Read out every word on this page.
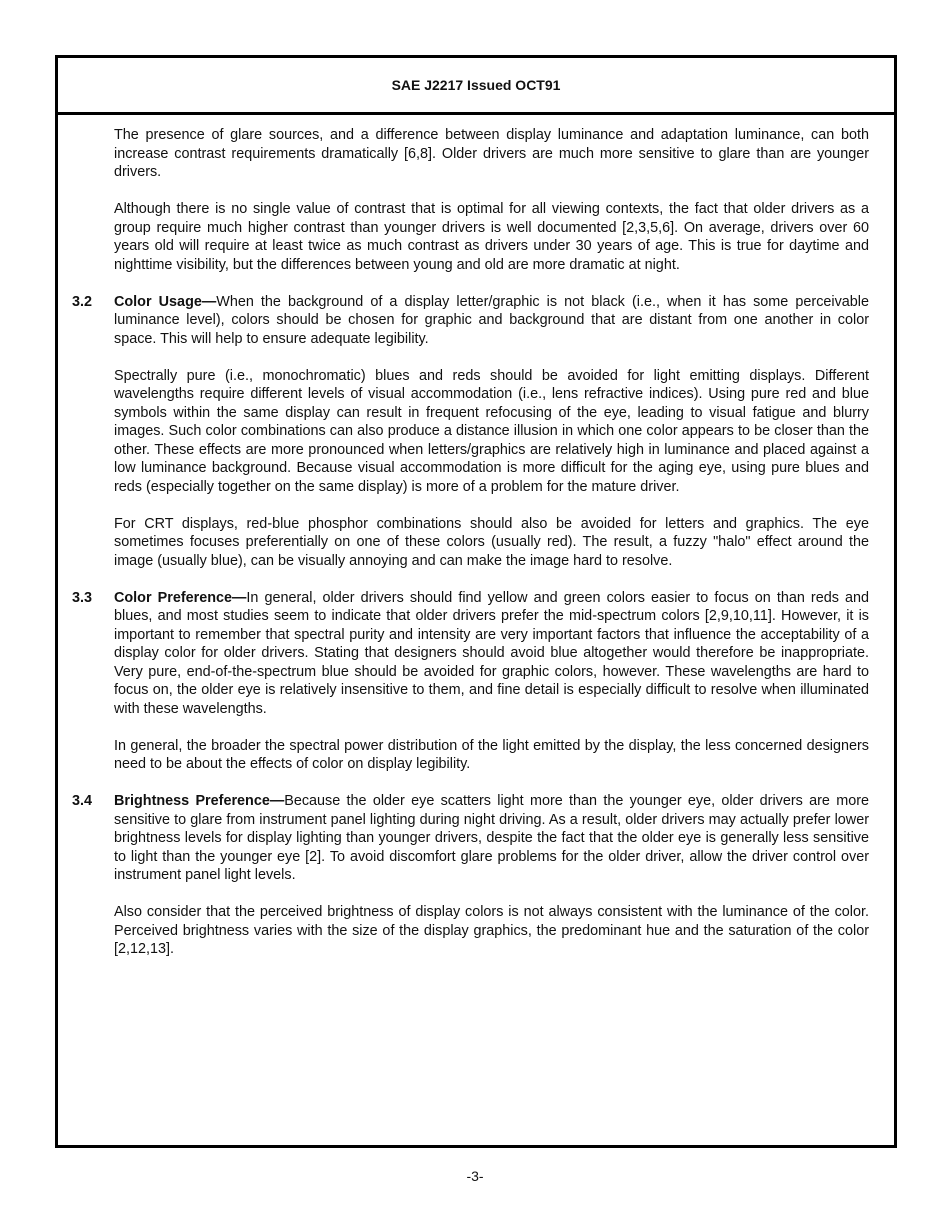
SAE J2217 Issued OCT91

The presence of glare sources, and a difference between display luminance and adaptation luminance, can both increase contrast requirements dramatically [6,8]. Older drivers are much more sensitive to glare than are younger drivers.

Although there is no single value of contrast that is optimal for all viewing contexts, the fact that older drivers as a group require much higher contrast than younger drivers is well documented [2,3,5,6]. On average, drivers over 60 years old will require at least twice as much contrast as drivers under 30 years of age. This is true for daytime and nighttime visibility, but the differences between young and old are more dramatic at night.

3.2 Color Usage—When the background of a display letter/graphic is not black (i.e., when it has some perceivable luminance level), colors should be chosen for graphic and background that are distant from one another in color space. This will help to ensure adequate legibility.

Spectrally pure (i.e., monochromatic) blues and reds should be avoided for light emitting displays. Different wavelengths require different levels of visual accommodation (i.e., lens refractive indices). Using pure red and blue symbols within the same display can result in frequent refocusing of the eye, leading to visual fatigue and blurry images. Such color combinations can also produce a distance illusion in which one color appears to be closer than the other. These effects are more pronounced when letters/graphics are relatively high in luminance and placed against a low luminance background. Because visual accommodation is more difficult for the aging eye, using pure blues and reds (especially together on the same display) is more of a problem for the mature driver.

For CRT displays, red-blue phosphor combinations should also be avoided for letters and graphics. The eye sometimes focuses preferentially on one of these colors (usually red). The result, a fuzzy "halo" effect around the image (usually blue), can be visually annoying and can make the image hard to resolve.

3.3 Color Preference—In general, older drivers should find yellow and green colors easier to focus on than reds and blues, and most studies seem to indicate that older drivers prefer the mid-spectrum colors [2,9,10,11]. However, it is important to remember that spectral purity and intensity are very important factors that influence the acceptability of a display color for older drivers. Stating that designers should avoid blue altogether would therefore be inappropriate. Very pure, end-of-the-spectrum blue should be avoided for graphic colors, however. These wavelengths are hard to focus on, the older eye is relatively insensitive to them, and fine detail is especially difficult to resolve when illuminated with these wavelengths.

In general, the broader the spectral power distribution of the light emitted by the display, the less concerned designers need to be about the effects of color on display legibility.

3.4 Brightness Preference—Because the older eye scatters light more than the younger eye, older drivers are more sensitive to glare from instrument panel lighting during night driving. As a result, older drivers may actually prefer lower brightness levels for display lighting than younger drivers, despite the fact that the older eye is generally less sensitive to light than the younger eye [2]. To avoid discomfort glare problems for the older driver, allow the driver control over instrument panel light levels.

Also consider that the perceived brightness of display colors is not always consistent with the luminance of the color. Perceived brightness varies with the size of the display graphics, the predominant hue and the saturation of the color [2,12,13].

-3-
